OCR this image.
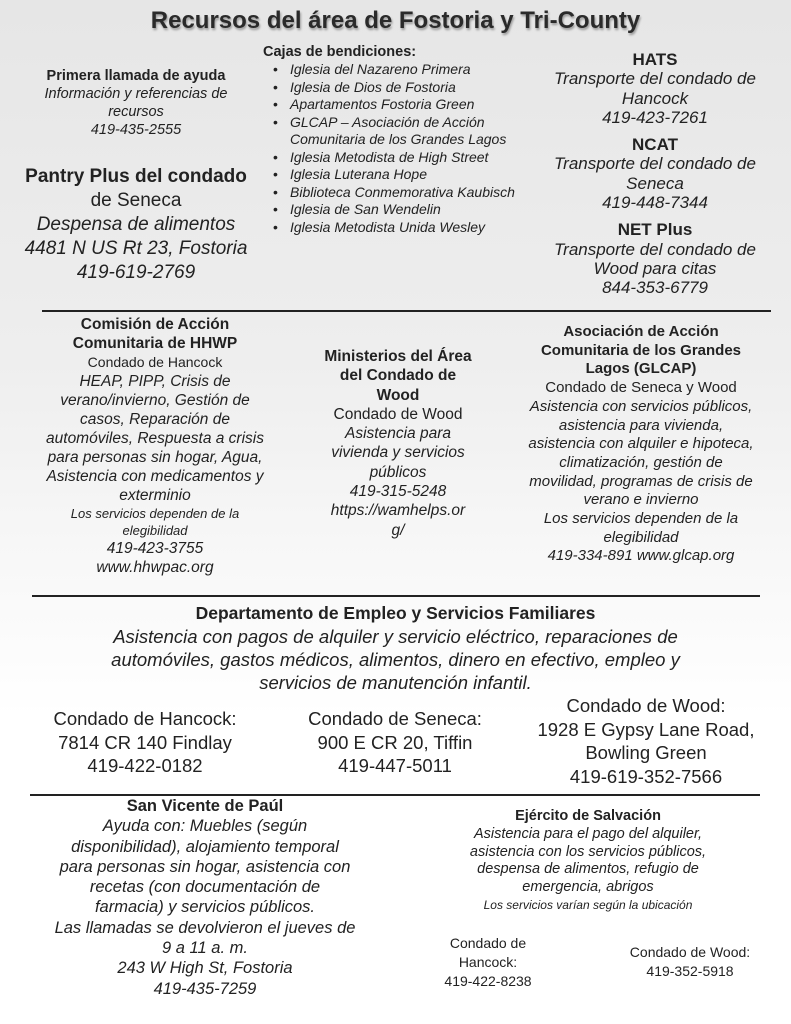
Recursos del área de Fostoria y Tri-County
Primera llamada de ayuda
Información y referencias de
recursos
419-435-2555
Pantry Plus del condado
de Seneca
Despensa de alimentos
4481 N US Rt 23, Fostoria
419-619-2769
Cajas de bendiciones:
• Iglesia del Nazareno Primera
• Iglesia de Dios de Fostoria
• Apartamentos Fostoria Green
• GLCAP – Asociación de Acción Comunitaria de los Grandes Lagos
• Iglesia Metodista de High Street
• Iglesia Luterana Hope
• Biblioteca Conmemorativa Kaubisch
• Iglesia de San Wendelin
• Iglesia Metodista Unida Wesley
HATS
Transporte del condado de
Hancock
419-423-7261
NCAT
Transporte del condado de
Seneca
419-448-7344
NET Plus
Transporte del condado de
Wood para citas
844-353-6779
Comisión de Acción
Comunitaria de HHWP
Condado de Hancock
HEAP, PIPP, Crisis de
verano/invierno, Gestión de
casos, Reparación de
automóviles, Respuesta a crisis
para personas sin hogar, Agua,
Asistencia con medicamentos y
exterminio
Los servicios dependen de la
elegibilidad
419-423-3755
www.hhwpac.org
Ministerios del Área
del Condado de
Wood
Condado de Wood
Asistencia para
vivienda y servicios
públicos
419-315-5248
https://wamhelps.or
g/
Asociación de Acción
Comunitaria de los Grandes
Lagos (GLCAP)
Condado de Seneca y Wood
Asistencia con servicios públicos,
asistencia para vivienda,
asistencia con alquiler e hipoteca,
climatización, gestión de
movilidad, programas de crisis de
verano e invierno
Los servicios dependen de la
elegibilidad
419-334-891 www.glcap.org
Departamento de Empleo y Servicios Familiares
Asistencia con pagos de alquiler y servicio eléctrico, reparaciones de
automóviles, gastos médicos, alimentos, dinero en efectivo, empleo y
servicios de manutención infantil.
Condado de Hancock:
7814 CR 140 Findlay
419-422-0182
Condado de Seneca:
900 E CR 20, Tiffin
419-447-5011
Condado de Wood:
1928 E Gypsy Lane Road,
Bowling Green
419-619-352-7566
San Vicente de Paúl
Ayuda con: Muebles (según
disponibilidad), alojamiento temporal
para personas sin hogar, asistencia con
recetas (con documentación de
farmacia) y servicios públicos.
Las llamadas se devolvieron el jueves de
9 a 11 a. m.
243 W High St, Fostoria
419-435-7259
Ejército de Salvación
Asistencia para el pago del alquiler,
asistencia con los servicios públicos,
despensa de alimentos, refugio de
emergencia, abrigos
Los servicios varían según la ubicación
Condado de
Hancock:
419-422-8238
Condado de Wood:
419-352-5918
